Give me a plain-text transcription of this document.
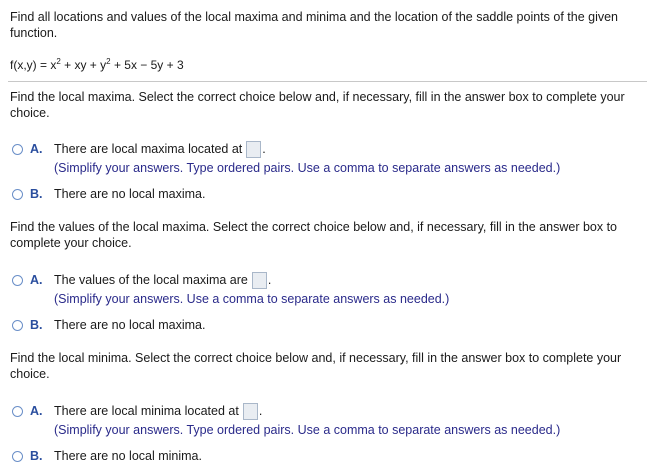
Find all locations and values of the local maxima and minima and the location of the saddle points of the given function.
$f(x,y) = x^2$ + xy + $y^2 + 5x - 5y + 3$
Find the local maxima. Select the correct choice below and, if necessary, fill in the answer box to complete your choice.
A. There are local maxima located at .
(Simplify your answers. Type ordered pairs. Use a comma to separate answers as needed.)
B. There are no local maxima.
Find the values of the local maxima. Select the correct choice below and, if necessary, fill in the answer box to complete your choice.
A. The values of the local maxima are .
(Simplify your answers. Use a comma to separate answers as needed.)
B. There are no local maxima.
Find the local minima. Select the correct choice below and, if necessary, fill in the answer box to complete your choice.
A. There are local minima located at .
(Simplify your answers. Type ordered pairs. Use a comma to separate answers as needed.)
B. There are no local minima.
